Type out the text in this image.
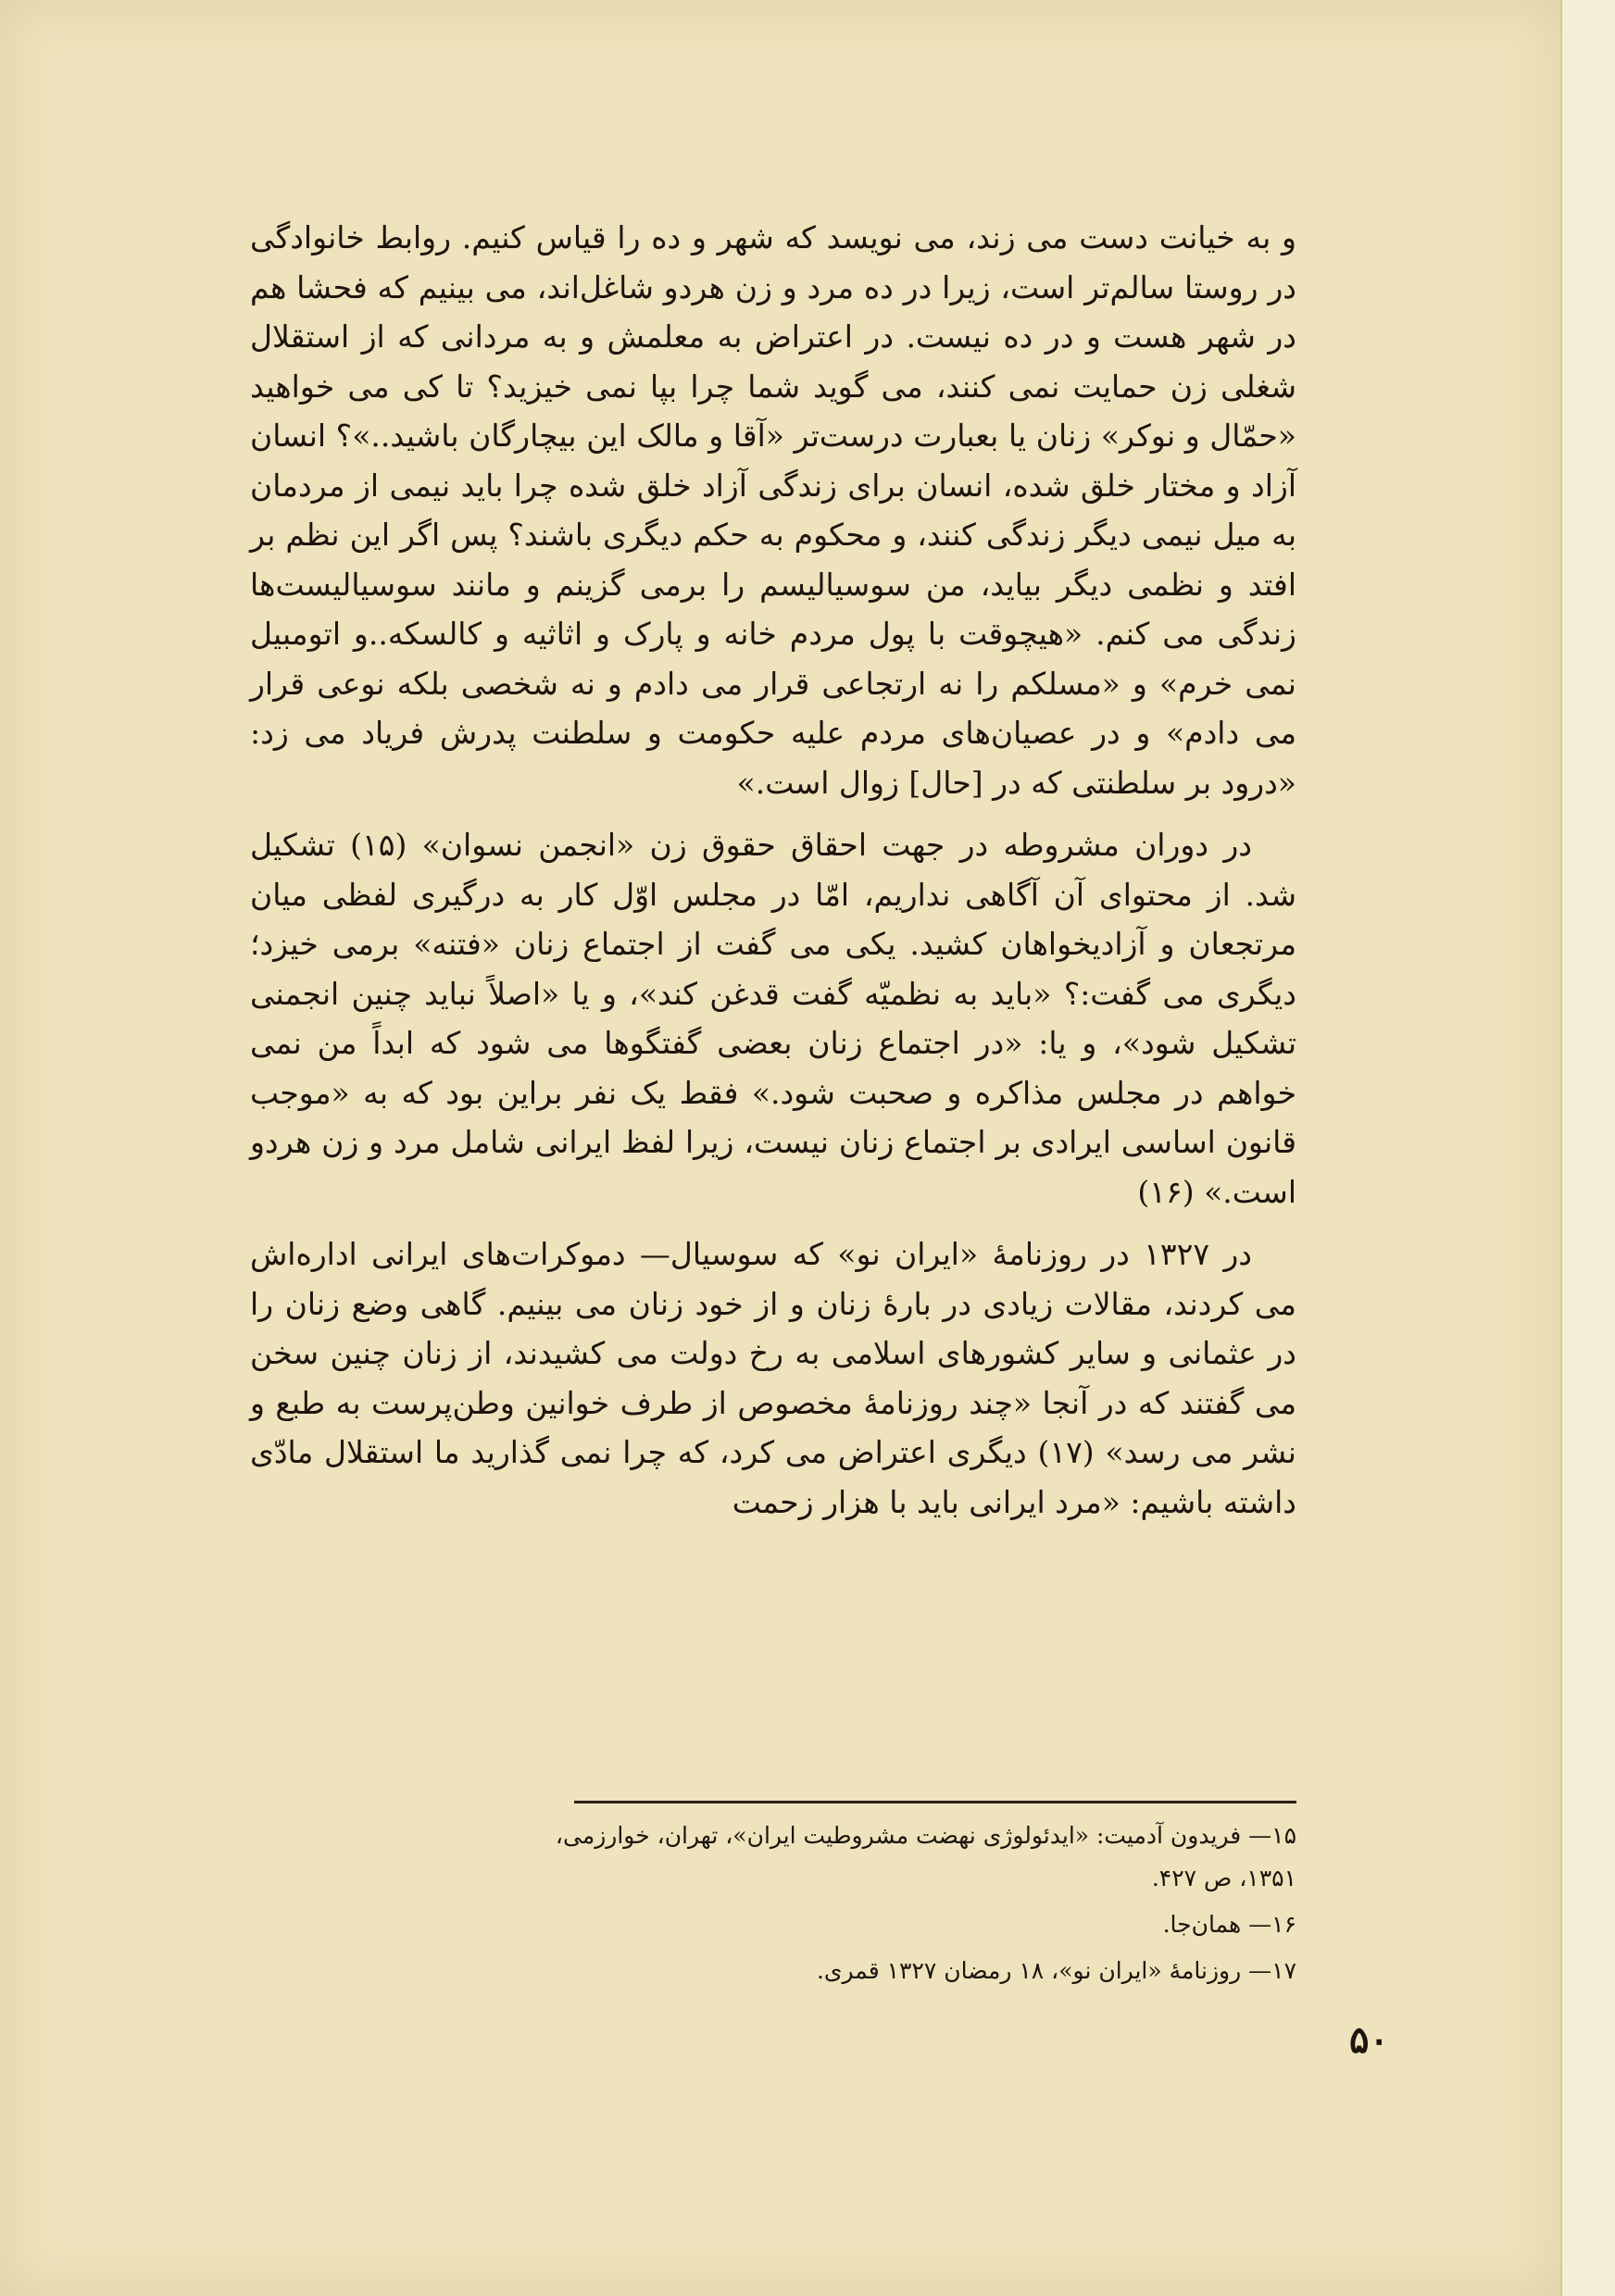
و به خیانت دست می زند، می نویسد که شهر و ده را قیاس کنیم. روابط خانوادگی در روستا سالم‌تر است، زیرا در ده مرد و زن هردو شاغل‌اند، می بینیم که فحشا هم در شهر هست و در ده نیست. در اعتراض به معلمش و به مردانی که از استقلال شغلی زن حمایت نمی کنند، می گوید شما چرا بپا نمی خیزید؟ تا کی می خواهید «حمّال و نوکر» زنان یا بعبارت درست‌تر «آقا و مالک این بیچارگان باشید..»؟ انسان آزاد و مختار خلق شده، انسان برای زندگی آزاد خلق شده چرا باید نیمی از مردمان به میل نیمی دیگر زندگی کنند، و محکوم به حکم دیگری باشند؟ پس اگر این نظم بر افتد و نظمی دیگر بیاید، من سوسیالیسم را برمی گزینم و مانند سوسیالیست‌ها زندگی می کنم. «هیچوقت با پول مردم خانه و پارک و اثاثیه و کالسکه..و اتومبیل نمی خرم» و «مسلکم را نه ارتجاعی قرار می دادم و نه شخصی بلکه نوعی قرار می دادم» و در عصیان‌های مردم علیه حکومت و سلطنت پدرش فریاد می زد: «درود بر سلطنتی که در [حال] زوال است.»

در دوران مشروطه در جهت احقاق حقوق زن «انجمن نسوان» (۱۵) تشکیل شد. از محتوای آن آگاهی نداریم، امّا در مجلس اوّل کار به درگیری لفظی میان مرتجعان و آزادیخواهان کشید. یکی می گفت از اجتماع زنان «فتنه» برمی خیزد؛ دیگری می گفت:؟ «باید به نظمیّه گفت قدغن کند»، و یا «اصلاً نباید چنین انجمنی تشکیل شود»، و یا: «در اجتماع زنان بعضی گفتگوها می شود که ابداً من نمی خواهم در مجلس مذاکره و صحبت شود.» فقط یک نفر براین بود که به «موجب قانون اساسی ایرادی بر اجتماع زنان نیست، زیرا لفظ ایرانی شامل مرد و زن هردو است.» (۱۶)

در ۱۳۲۷ در روزنامهٔ «ایران نو» که سوسیال— دموکرات‌های ایرانی اداره‌اش می کردند، مقالات زیادی در بارهٔ زنان و از خود زنان می بینیم. گاهی وضع زنان را در عثمانی و سایر کشورهای اسلامی به رخ دولت می کشیدند، از زنان چنین سخن می گفتند که در آنجا «چند روزنامهٔ مخصوص از طرف خوانین وطن‌پرست به طبع و نشر می رسد» (۱۷) دیگری اعتراض می کرد، که چرا نمی گذارید ما استقلال مادّی داشته باشیم: «مرد ایرانی باید با هزار زحمت

۱۵— فریدون آدمیت: «ایدئولوژی نهضت مشروطیت ایران»، تهران، خوارزمی، ۱۳۵۱، ص ۴۲۷.

۱۶— همان‌جا.

۱۷— روزنامهٔ «ایران نو»، ۱۸ رمضان ۱۳۲۷ قمری.

۵۰
